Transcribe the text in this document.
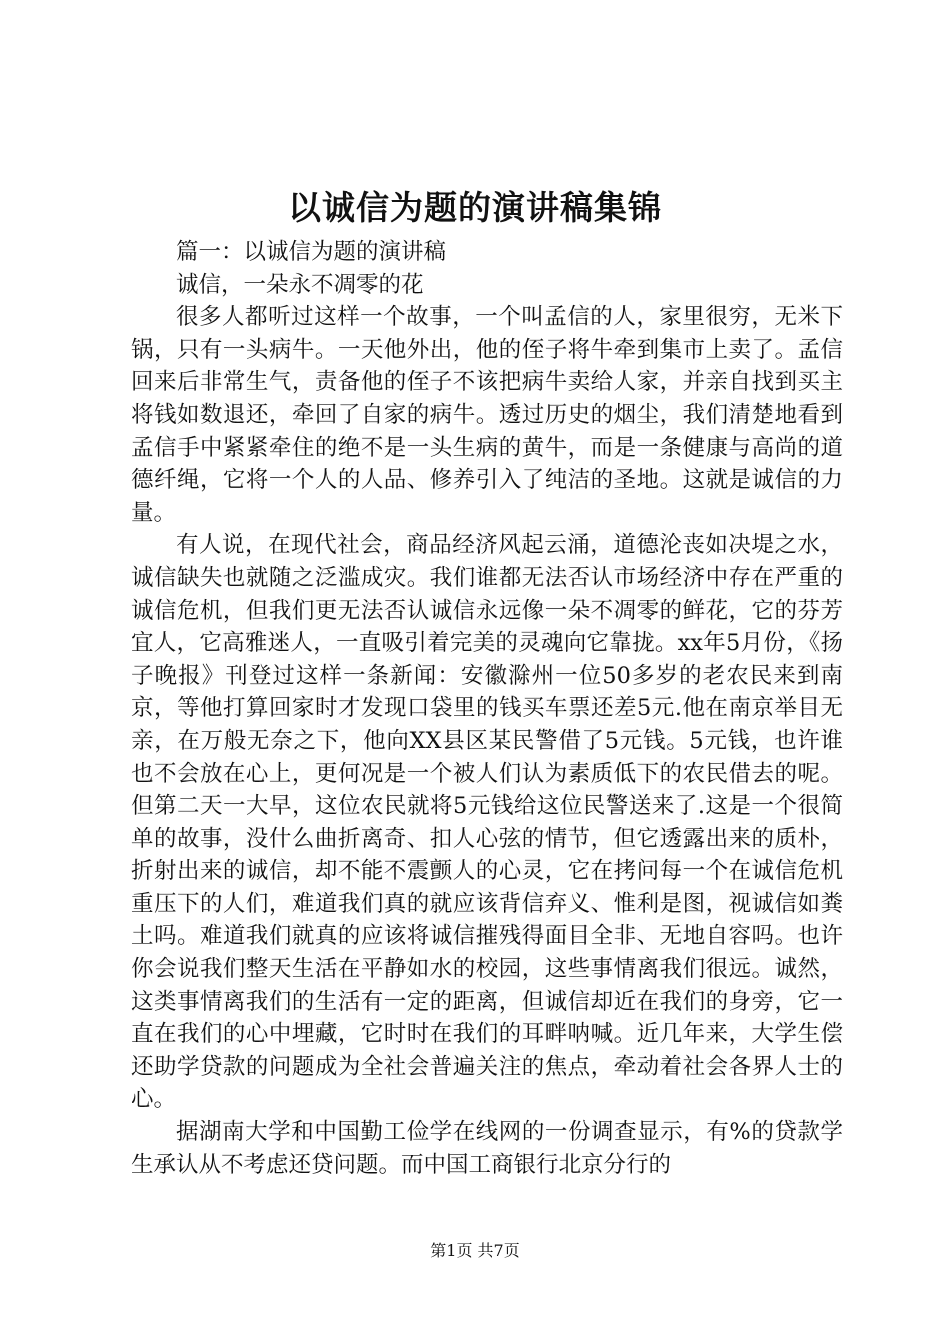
以诚信为题的演讲稿集锦

篇一：以诚信为题的演讲稿

诚信，一朵永不凋零的花

很多人都听过这样一个故事，一个叫孟信的人，家里很穷，无米下锅，只有一头病牛。一天他外出，他的侄子将牛牵到集市上卖了。孟信回来后非常生气，责备他的侄子不该把病牛卖给人家，并亲自找到买主将钱如数退还，牵回了自家的病牛。透过历史的烟尘，我们清楚地看到孟信手中紧紧牵住的绝不是一头生病的黄牛，而是一条健康与高尚的道德纤绳，它将一个人的人品、修养引入了纯洁的圣地。这就是诚信的力量。

有人说，在现代社会，商品经济风起云涌，道德沦丧如决堤之水，诚信缺失也就随之泛滥成灾。我们谁都无法否认市场经济中存在严重的诚信危机，但我们更无法否认诚信永远像一朵不凋零的鲜花，它的芬芳宜人，它高雅迷人，一直吸引着完美的灵魂向它靠拢。xx年5月份，《扬子晚报》刊登过这样一条新闻：安徽滁州一位50多岁的老农民来到南京，等他打算回家时才发现口袋里的钱买车票还差5元.他在南京举目无亲，在万般无奈之下，他向XX县区某民警借了5元钱。5元钱，也许谁也不会放在心上，更何况是一个被人们认为素质低下的农民借去的呢。但第二天一大早，这位农民就将5元钱给这位民警送来了.这是一个很简单的故事，没什么曲折离奇、扣人心弦的情节，但它透露出来的质朴，折射出来的诚信，却不能不震颤人的心灵，它在拷问每一个在诚信危机重压下的人们，难道我们真的就应该背信弃义、惟利是图，视诚信如粪土吗。难道我们就真的应该将诚信摧残得面目全非、无地自容吗。也许你会说我们整天生活在平静如水的校园，这些事情离我们很远。诚然，这类事情离我们的生活有一定的距离，但诚信却近在我们的身旁，它一直在我们的心中埋藏，它时时在我们的耳畔呐喊。近几年来，大学生偿还助学贷款的问题成为全社会普遍关注的焦点，牵动着社会各界人士的心。

据湖南大学和中国勤工俭学在线网的一份调查显示，有%的贷款学生承认从不考虑还贷问题。而中国工商银行北京分行的

第1页 共7页
